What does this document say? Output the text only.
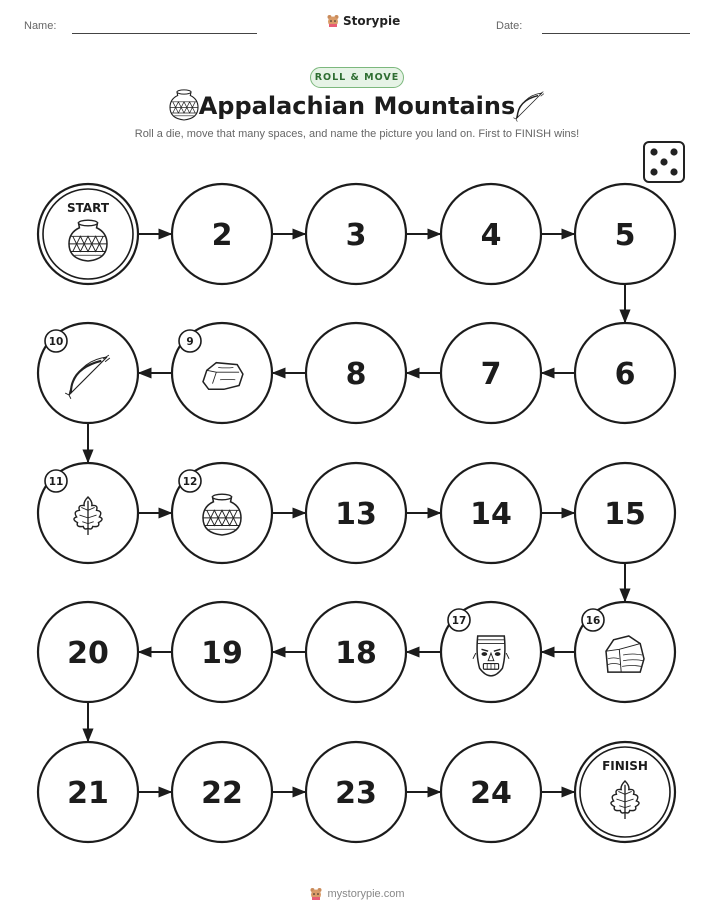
Name:	Storypie	Date:
ROLL & MOVE
Appalachian Mountains
Roll a die, move that many spaces, and name the picture you land on. First to FINISH wins!
START
2	3	4	5
6
7
8
9
10
11	12
13	14	15
16
17
18
19
20
21	22	23	24
FINISH
mystorypie.com
